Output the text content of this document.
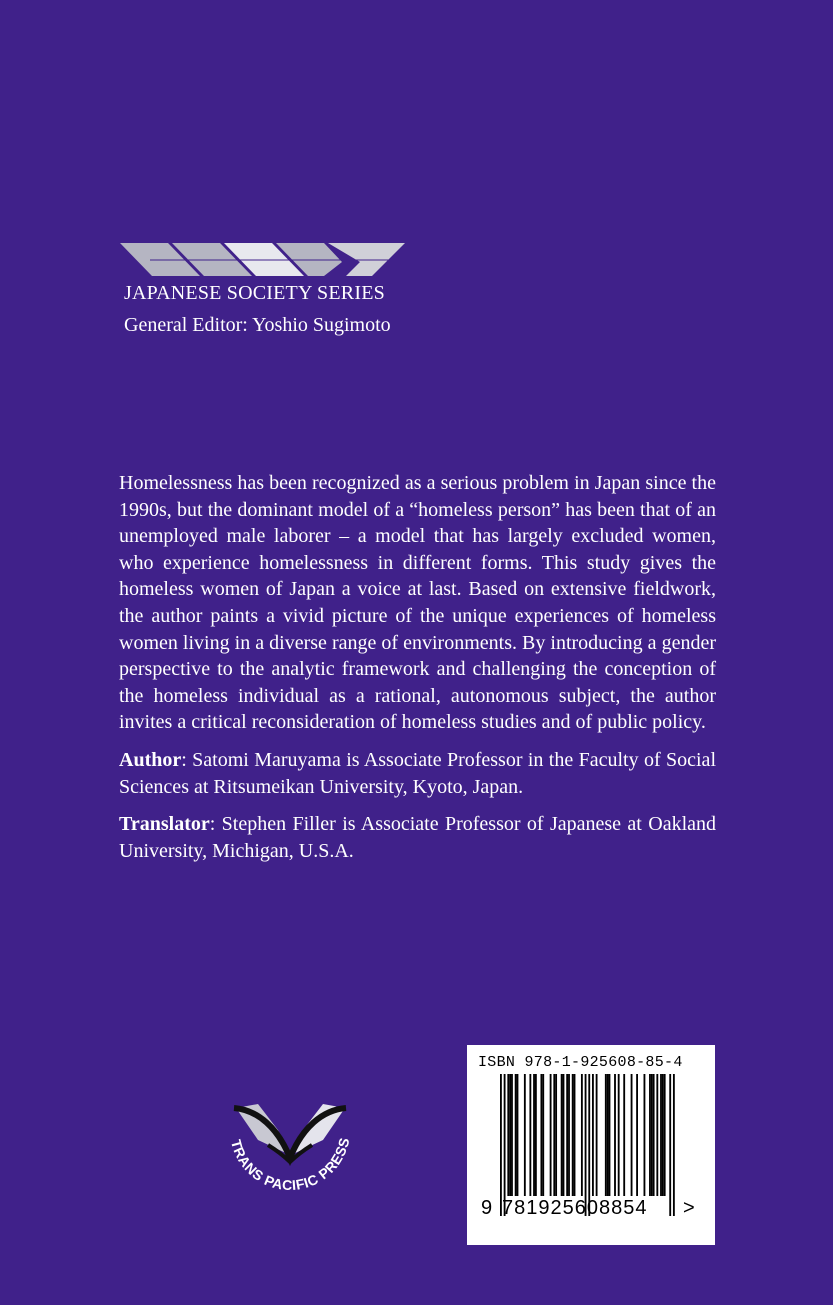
JAPANESE SOCIETY SERIES
General Editor: Yoshio Sugimoto

Homelessness has been recognized as a serious problem in Japan since the 1990s, but the dominant model of a “homeless person” has been that of an unemployed male laborer – a model that has largely excluded women, who experience homelessness in different forms. This study gives the homeless women of Japan a voice at last. Based on extensive fieldwork, the author paints a vivid picture of the unique experiences of homeless women living in a diverse range of environments. By introducing a gender perspective to the analytic framework and challenging the conception of the homeless individual as a rational, autonomous subject, the author invites a critical reconsideration of homeless studies and of public policy.

Author: Satomi Maruyama is Associate Professor in the Faculty of Social Sciences at Ritsumeikan University, Kyoto, Japan.

Translator: Stephen Filler is Associate Professor of Japanese at Oakland University, Michigan, U.S.A.

TRANS PACIFIC PRESS
ISBN 978-1-925608-85-4
9 781925608854 >
